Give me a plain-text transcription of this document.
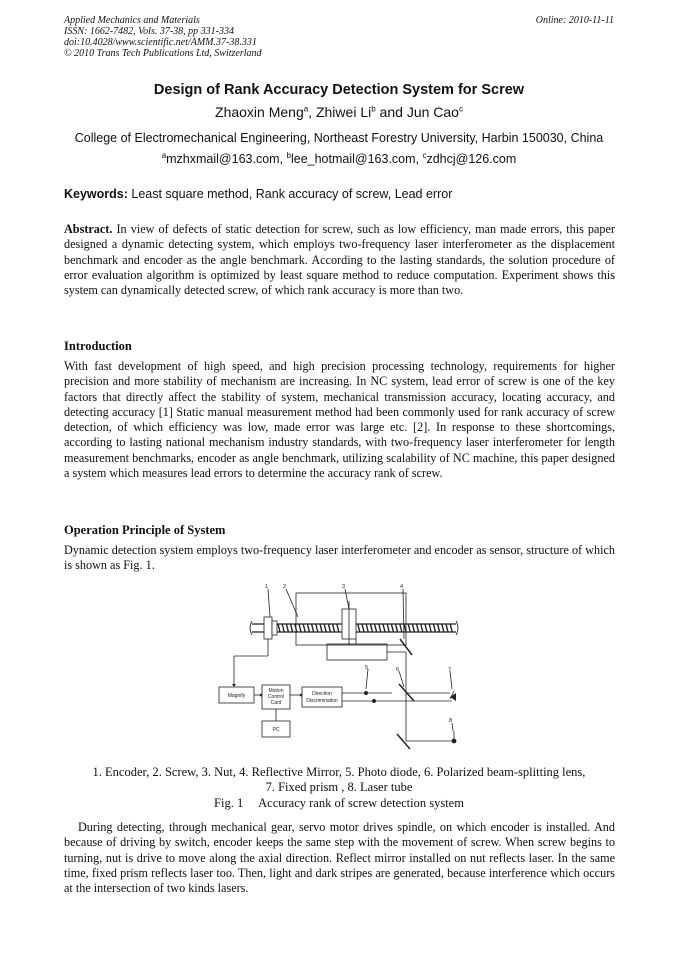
Applied Mechanics and Materials
ISSN: 1662-7482, Vols. 37-38, pp 331-334
doi:10.4028/www.scientific.net/AMM.37-38.331
© 2010 Trans Tech Publications Ltd, Switzerland
Online: 2010-11-11
Design of Rank Accuracy Detection System for Screw
Zhaoxin Meng$^a$, Zhiwei Li$^b$ and Jun Cao$^c$
College of Electromechanical Engineering, Northeast Forestry University, Harbin 150030, China
$^a$mzhxmail@163.com, $^b$lee_hotmail@163.com, $^c$zdhcj@126.com
Keywords: Least square method, Rank accuracy of screw, Lead error

Abstract. In view of defects of static detection for screw, such as low efficiency, man made errors, this paper designed a dynamic detecting system, which employs two-frequency laser interferometer as the displacement benchmark and encoder as the angle benchmark. According to the lasting standards, the solution procedure of error evaluation algorithm is optimized by least square method to reduce computation. Experiment shows this system can dynamically detected screw, of which rank accuracy is more than two.

Introduction

With fast development of high speed, and high precision processing technology, requirements for higher precision and more stability of mechanism are increasing. In NC system, lead error of screw is one of the key factors that directly affect the stability of system, mechanical transmission accuracy, locating accuracy, and detecting accuracy [1] Static manual measurement method had been commonly used for rank accuracy of screw detection, of which efficiency was low, made error was large etc. [2]. In response to these shortcomings, according to lasting national mechanism industry standards, with two-frequency laser interferometer for length measurement benchmarks, encoder as angle benchmark, utilizing scalability of NC machine, this paper designed a system which measures lead errors to determine the accuracy rank of screw.

Operation Principle of System

Dynamic detection system employs two-frequency laser interferometer and encoder as sensor, structure of which is shown as Fig. 1.

1	2	3	4
5	6	7
8
Magnify
Motion
Control
Card
Direction
Discrimination
PC
1. Encoder, 2. Screw, 3. Nut, 4. Reflective Mirror, 5. Photo diode, 6. Polarized beam-splitting lens,
7. Fixed prism , 8. Laser tube
Fig. 1     Accuracy rank of screw detection system

During detecting, through mechanical gear, servo motor drives spindle, on which encoder is installed. And because of driving by switch, encoder keeps the same step with the movement of screw. When screw begins to turning, nut is drive to move along the axial direction. Reflect mirror installed on nut reflects laser. In the same time, fixed prism reflects laser too. Then, light and dark stripes are generated, because interference which occurs at the intersection of two kinds lasers.
